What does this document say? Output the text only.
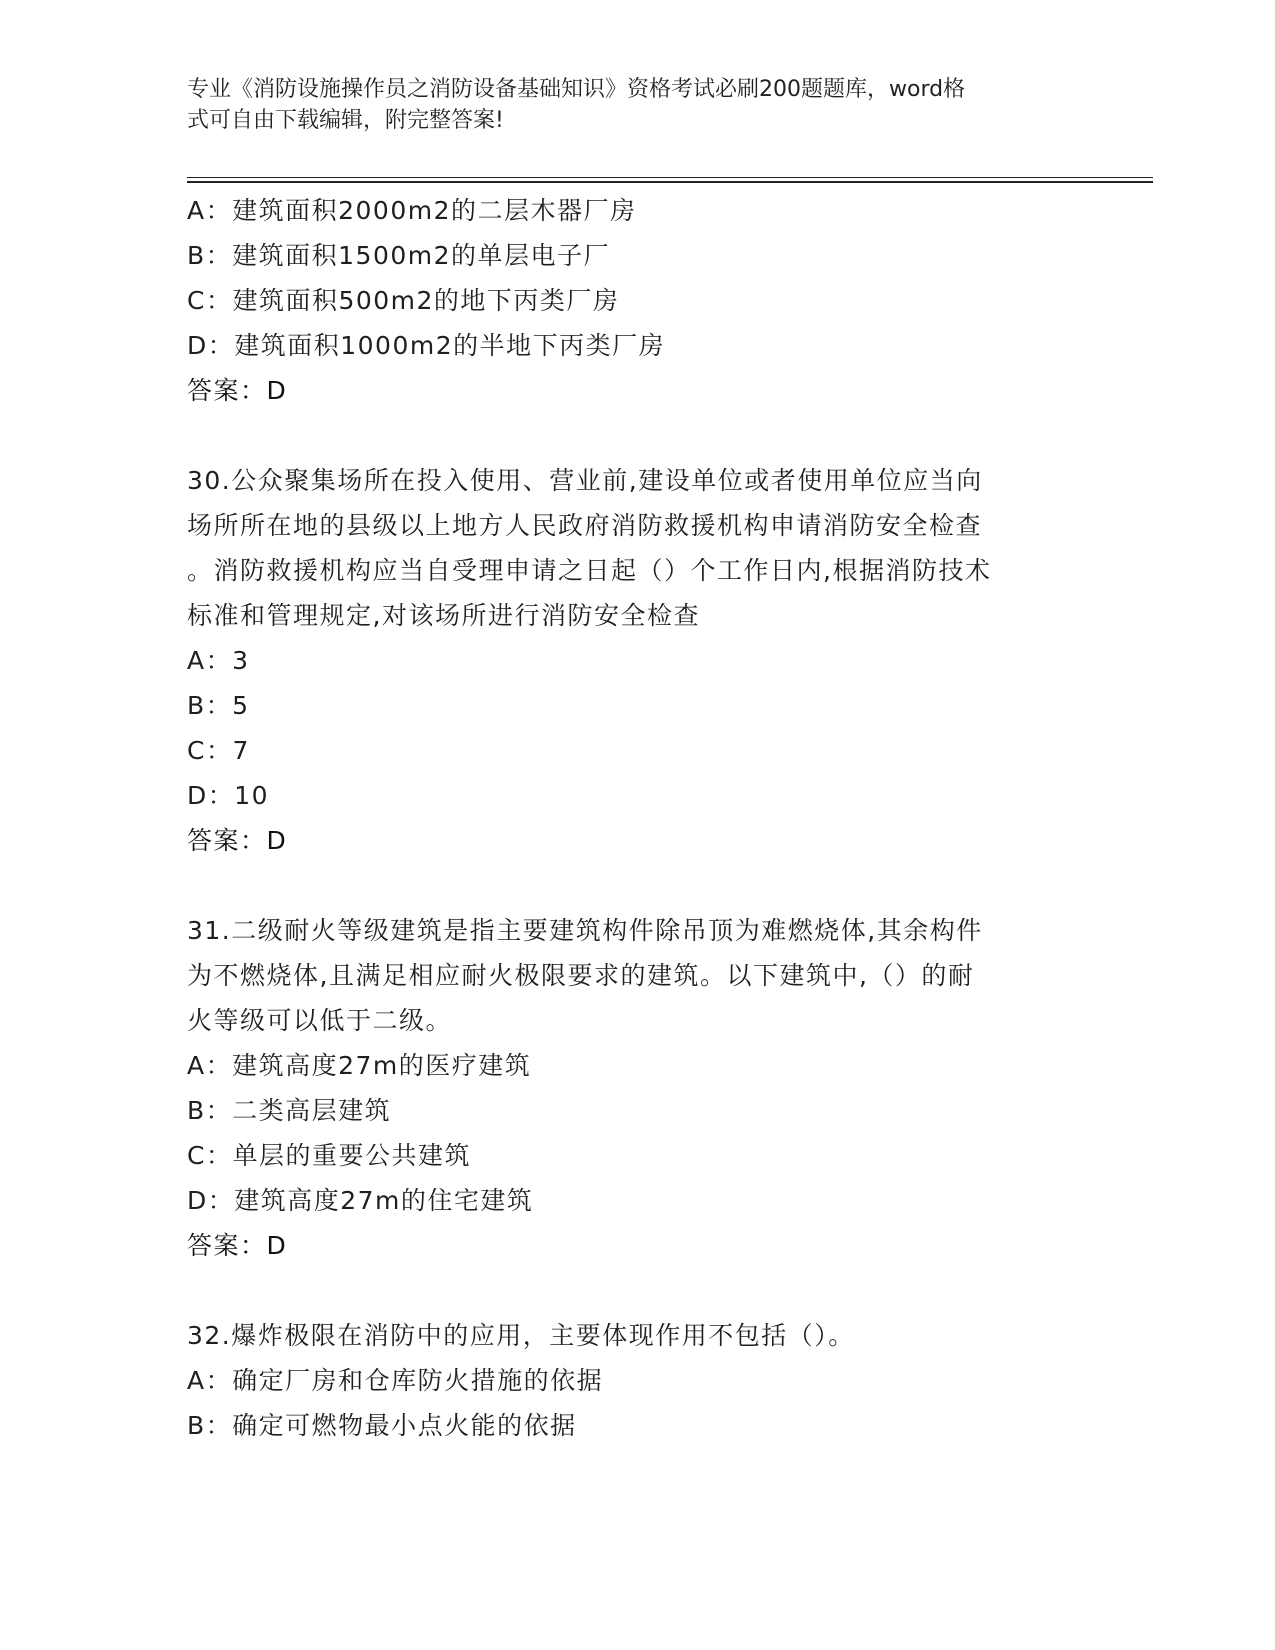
专业《消防设施操作员之消防设备基础知识》资格考试必刷200题题库，word格
式可自由下载编辑，附完整答案!
A：建筑面积2000m2的二层木器厂房
B：建筑面积1500m2的单层电子厂
C：建筑面积500m2的地下丙类厂房
D：建筑面积1000m2的半地下丙类厂房
答案：D
30.公众聚集场所在投入使用、营业前,建设单位或者使用单位应当向
场所所在地的县级以上地方人民政府消防救援机构申请消防安全检查
。消防救援机构应当自受理申请之日起（）个工作日内,根据消防技术
标准和管理规定,对该场所进行消防安全检查
A：3
B：5
C：7
D：10
答案：D
31.二级耐火等级建筑是指主要建筑构件除吊顶为难燃烧体,其余构件
为不燃烧体,且满足相应耐火极限要求的建筑。以下建筑中,（）的耐
火等级可以低于二级。
A：建筑高度27m的医疗建筑
B：二类高层建筑
C：单层的重要公共建筑
D：建筑高度27m的住宅建筑
答案：D
32.爆炸极限在消防中的应用，主要体现作用不包括（）。
A：确定厂房和仓库防火措施的依据
B：确定可燃物最小点火能的依据
